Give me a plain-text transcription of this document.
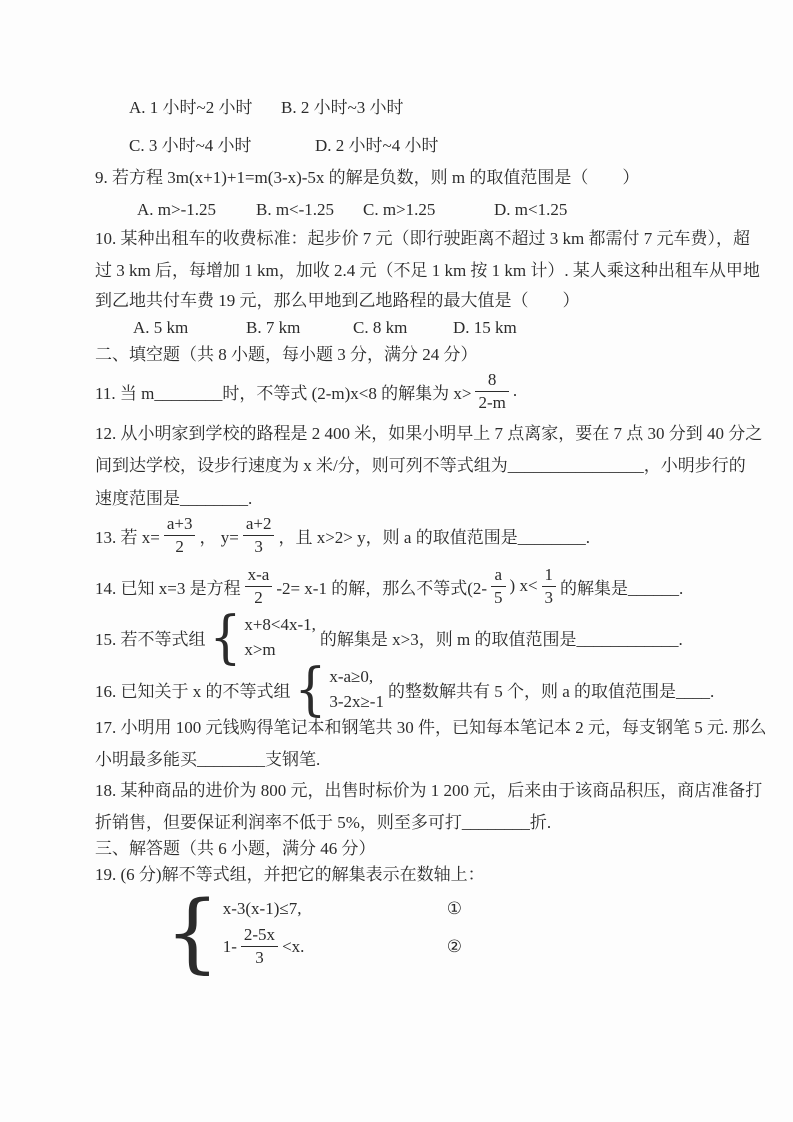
A. 1 小时~2 小时	B. 2 小时~3 小时
C. 3 小时~4 小时	D. 2 小时~4 小时
9. 若方程 3m(x+1)+1=m(3-x)-5x 的解是负数，则 m 的取值范围是（　　）
A. m>-1.25	B. m<-1.25	C. m>1.25	D. m<1.25
10. 某种出租车的收费标准：起步价 7 元（即行驶距离不超过 3 km 都需付 7 元车费），超
过 3 km 后，每增加 1 km，加收 2.4 元（不足 1 km 按 1 km 计）. 某人乘这种出租车从甲地
到乙地共付车费 19 元，那么甲地到乙地路程的最大值是（　　）
A. 5 km	B. 7 km	C. 8 km	D. 15 km
二、填空题（共 8 小题，每小题 3 分，满分 24 分）
11. 当 m________时，不等式 (2-m)x<8 的解集为 $x> \frac{8}{2-m}$ .
12. 从小明家到学校的路程是 2 400 米，如果小明早上 7 点离家，要在 7 点 30 分到 40 分之
间到达学校，设步行速度为 x 米/分，则可列不等式组为________________，小明步行的
速度范围是________.
13. 若 $x= \frac{a+3}{2}$ ， $y= \frac{a+2}{3}$ ，且 x>2> y，则 a 的取值范围是________.
14. 已知 x=3 是方程 $\frac{x-a}{2} -2= x-1$ 的解，那么不等式($2- \frac{a}{5}$ ) $x< \frac{1}{3}$ 的解集是______.
15. 若不等式组 { x+8<4x-1,
x>m
的解集是 x>3，则 m 的取值范围是____________.
16. 已知关于 x 的不等式组 { x-a≥0,
3-2x≥-1
的整数解共有 5 个，则 a 的取值范围是____.
17. 小明用 100 元钱购得笔记本和钢笔共 30 件，已知每本笔记本 2 元，每支钢笔 5 元. 那么
小明最多能买________支钢笔.
18. 某种商品的进价为 800 元，出售时标价为 1 200 元，后来由于该商品积压，商店准备打
折销售，但要保证利润率不低于 5%，则至多可打________折.
三、解答题（共 6 小题，满分 46 分）
19. (6 分)解不等式组，并把它的解集表示在数轴上：
{ x-3(x-1)≤7,	①
$1- \frac{2-5x}{3} <x$.	②
